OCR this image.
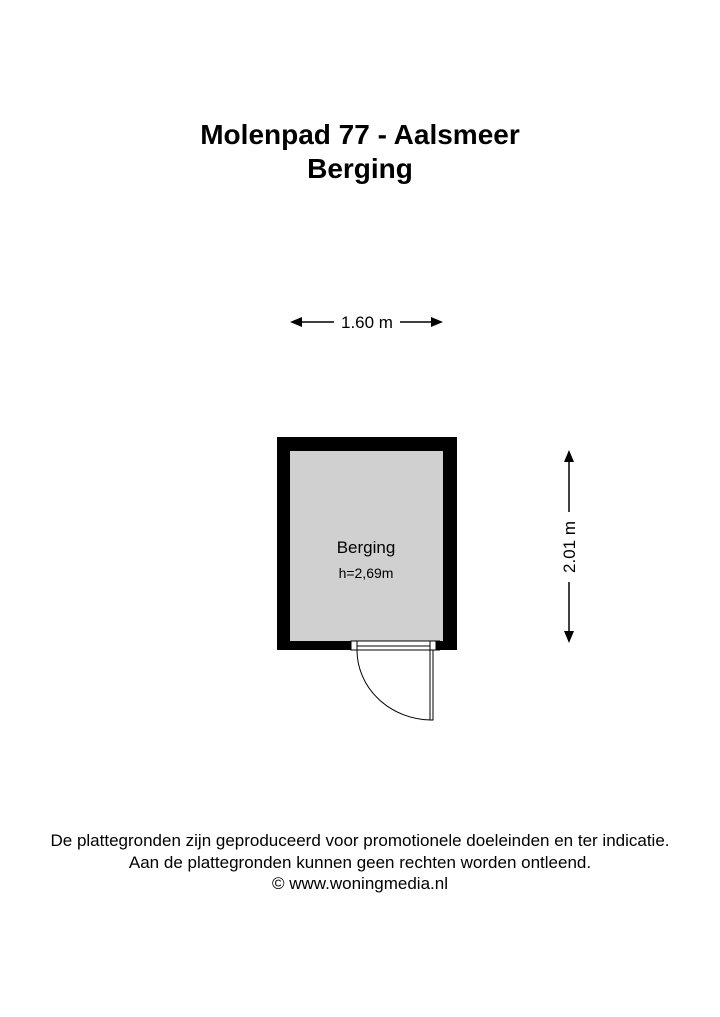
Molenpad 77 - Aalsmeer
Berging
1.60 m
2.01 m
Berging
h=2,69m
De plattegronden zijn geproduceerd voor promotionele doeleinden en ter indicatie.
Aan de plattegronden kunnen geen rechten worden ontleend.
© www.woningmedia.nl
